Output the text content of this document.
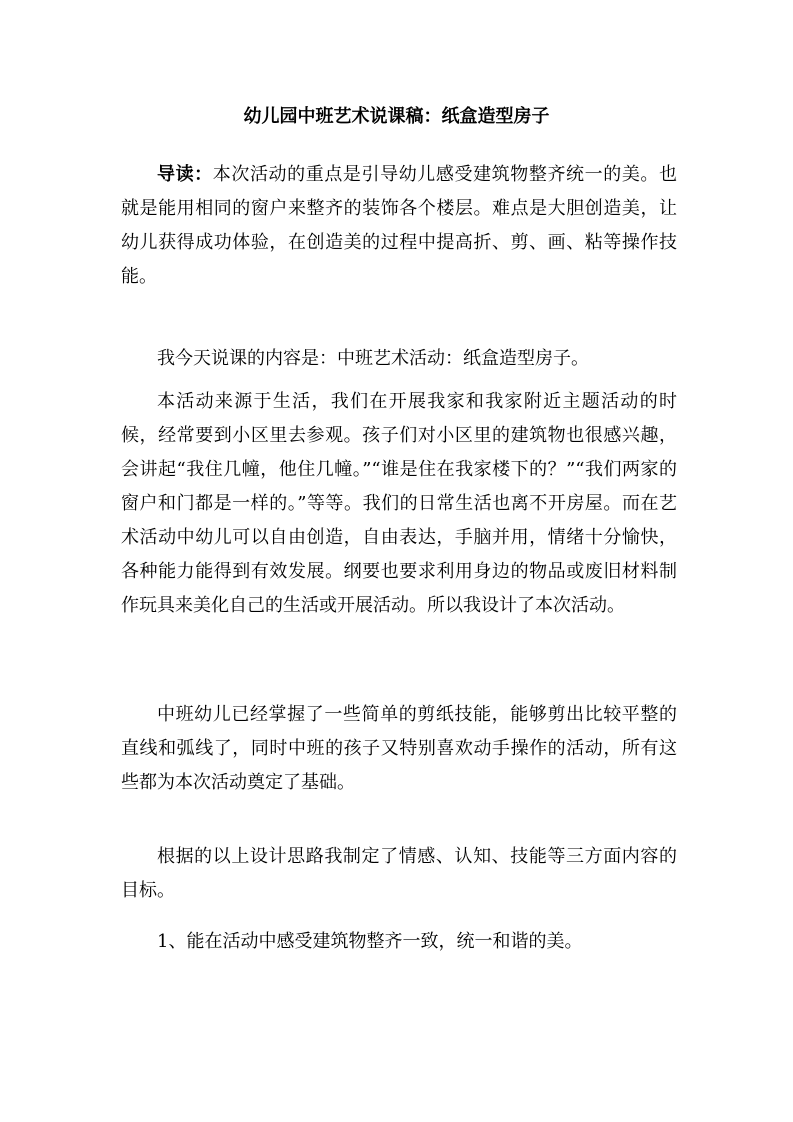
幼儿园中班艺术说课稿：纸盒造型房子

导读：本次活动的重点是引导幼儿感受建筑物整齐统一的美。也就是能用相同的窗户来整齐的装饰各个楼层。难点是大胆创造美，让幼儿获得成功体验，在创造美的过程中提高折、剪、画、粘等操作技能。

我今天说课的内容是：中班艺术活动：纸盒造型房子。

本活动来源于生活，我们在开展我家和我家附近主题活动的时候，经常要到小区里去参观。孩子们对小区里的建筑物也很感兴趣，会讲起“我住几幢，他住几幢。”“谁是住在我家楼下的？”“我们两家的窗户和门都是一样的。”等等。我们的日常生活也离不开房屋。而在艺术活动中幼儿可以自由创造，自由表达，手脑并用，情绪十分愉快，各种能力能得到有效发展。纲要也要求利用身边的物品或废旧材料制作玩具来美化自己的生活或开展活动。所以我设计了本次活动。

中班幼儿已经掌握了一些简单的剪纸技能，能够剪出比较平整的直线和弧线了，同时中班的孩子又特别喜欢动手操作的活动，所有这些都为本次活动奠定了基础。

根据的以上设计思路我制定了情感、认知、技能等三方面内容的目标。

1、能在活动中感受建筑物整齐一致，统一和谐的美。
